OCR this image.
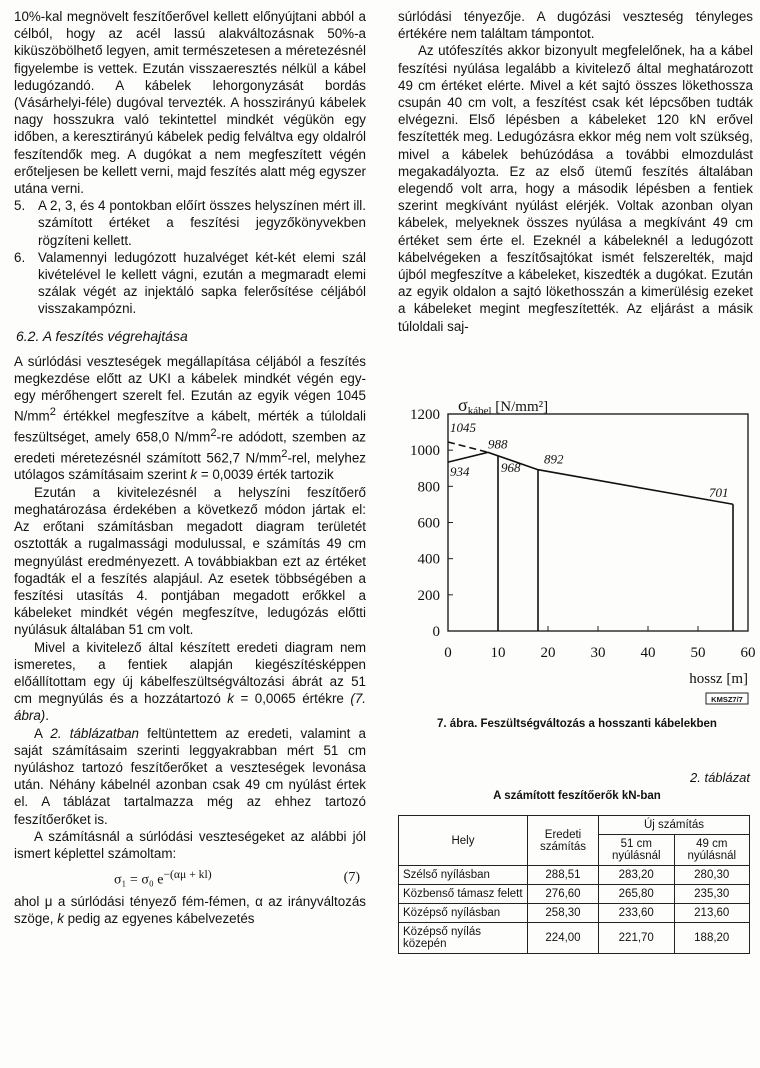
10%-kal megnövelt feszítőerővel kellett előnyújtani abból a célból, hogy az acél lassú alakváltozásnak 50%-a kiküszöbölhető legyen, amit természetesen a méretezésnél figyelembe is vettek. Ezután visszaeresztés nélkül a kábel ledugózandó. A kábelek lehorgonyzását bordás (Vásárhelyi-féle) dugóval tervezték. A hosszirányú kábelek nagy hosszukra való tekintettel mindkét végükön egy időben, a keresztirányú kábelek pedig felváltva egy oldalról feszítendők meg. A dugókat a nem megfeszített végén erőteljesen be kellett verni, majd feszítés alatt még egyszer utána verni.

5. A 2, 3, és 4 pontokban előírt összes helyszínen mért ill. számított értéket a feszítési jegyzőkönyvekben rögzíteni kellett.
6. Valamennyi ledugózott huzalvéget két-két elemi szál kivételével le kellett vágni, ezután a megmaradt elemi szálak végét az injektáló sapka felerősítése céljából visszakampózni.
6.2. A feszítés végrehajtása

A súrlódási veszteségek megállapítása céljából a feszítés megkezdése előtt az UKI a kábelek mindkét végén egy-egy mérőhengert szerelt fel. Ezután az egyik végen 1045 $N/mm^2$ értékkel megfeszítve a kábelt, mérték a túloldali feszültséget, amely 658,0 $N/mm^2-re$ adódott, szemben az eredeti méretezésnél számított 562,7 $N/mm^2$-rel, melyhez utólagos számításaim szerint k = 0,0039 érték tartozik

Ezután a kivitelezésnél a helyszíni feszítőerő meghatározása érdekében a következő módon jártak el: Az erőtani számításban megadott diagram területét osztották a rugalmassági modulussal, e számítás 49 cm megnyúlást eredményezett. A továbbiakban ezt az értéket fogadták el a feszítés alapjául. Az esetek többségében a feszítési utasítás 4. pontjában megadott erőkkel a kábeleket mindkét végén megfeszítve, ledugózás előtti nyúlásuk általában 51 cm volt.

Mivel a kivitelező által készített eredeti diagram nem ismeretes, a fentiek alapján kiegészítésképpen előállítottam egy új kábelfeszültségváltozási ábrát az 51 cm megnyúlás és a hozzátartozó k = 0,0065 értékre (7. ábra).

A 2. táblázatban feltüntettem az eredeti, valamint a saját számításaim szerinti leggyakrabban mért 51 cm nyúláshoz tartozó feszítőerőket a veszteségek levonása után. Néhány kábelnél azonban csak 49 cm nyúlást értek el. A táblázat tartalmazza még az ehhez tartozó feszítőerőket is.

A számításnál a súrlódási veszteségeket az alábbi jól ismert képlettel számoltam:

σ₁ = σ₀ $e^{-(\alpha\mu + kl)}$	(7)

ahol μ a súrlódási tényező fém-fémen, α az irányváltozás szöge, k pedig az egyenes kábelvezetés

súrlódási tényezője. A dugózási veszteség tényleges értékére nem találtam támpontot.

Az utófeszítés akkor bizonyult megfelelőnek, ha a kábel feszítési nyúlása legalább a kivitelező által meghatározott 49 cm értéket elérte. Mivel a két sajtó összes lökethossza csupán 40 cm volt, a feszítést csak két lépcsőben tudták elvégezni. Első lépésben a kábeleket 120 kN erővel feszítették meg. Ledugózásra ekkor még nem volt szükség, mivel a kábelek behúzódása a további elmozdulást megakadályozta. Ez az első ütemű feszítés általában elegendő volt arra, hogy a második lépésben a fentiek szerint megkívánt nyúlást elérjék. Voltak azonban olyan kábelek, melyeknek összes nyúlása a megkívánt 49 cm értéket sem érte el. Ezeknél a kábeleknél a ledugózott kábelvégeken a feszítősajtókat ismét felszerelték, majd újból megfeszítve a kábeleket, kiszedték a dugókat. Ezután az egyik oldalon a sajtó lökethosszán a kimerülésig ezeket a kábeleket megint megfeszítették. Az eljárást a másik túloldali saj-

0
200
400
600
800
1000
1200
0	10 20 30 40 50 60
σkábel [N/mm²]
hossz [m]
KMSZ7/7
1045
988
934 968
892
701
7. ábra. Feszültségváltozás a hosszanti kábelekben
2. táblázat
A számított feszítőerők kN-ban
Hely	Eredeti számítás	Új számítás	
		51 cm nyúlásnál	49 cm nyúlásnál
Szélső nyílásban	288,51	283,20	280,30
Közbenső támasz felett	276,60	265,80	235,30
Középső nyílásban	258,30	233,60	213,60
Középső nyílás közepén	224,00	221,70	188,20
